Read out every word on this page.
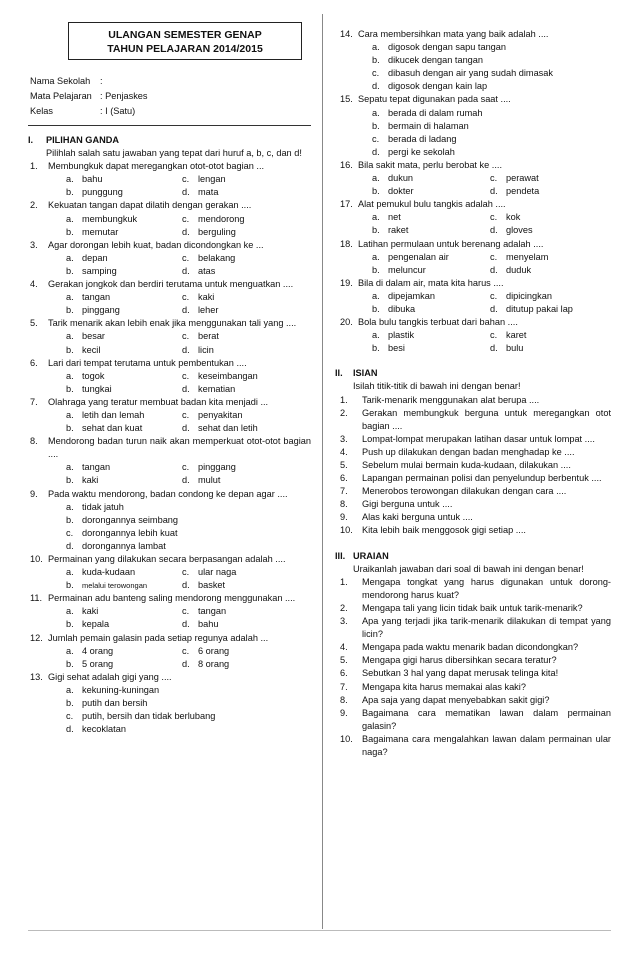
ULANGAN SEMESTER GENAP
TAHUN PELAJARAN 2014/2015
Nama Sekolah	:
Mata Pelajaran : Penjaskes
Kelas	: I (Satu)
I.	PILIHAN GANDA
Pilihlah salah satu jawaban yang tepat dari huruf a, b, c, dan d!
1.	Membungkuk dapat meregangkan otot-otot bagian ...
a. bahu	c. lengan
b. punggung	d. mata
2.	Kekuatan tangan dapat dilatih dengan gerakan ....
a. membungkuk	c. mendorong
b. memutar	d. berguling
3.	Agar dorongan lebih kuat, badan dicondongkan ke ...
a. depan	c. belakang
b. samping	d. atas
4.	Gerakan jongkok dan berdiri terutama untuk menguatkan ....
a. tangan	c. kaki
b. pinggang	d. leher
5.	Tarik menarik akan lebih enak jika menggunakan tali yang ....
a. besar	c. berat
b. kecil	d. licin
6.	Lari dari tempat terutama untuk pembentukan ....
a. togok	c. keseimbangan
b. tungkai	d. kematian
7.	Olahraga yang teratur membuat badan kita menjadi ...
a. letih dan lemah	c. penyakitan
b. sehat dan kuat	d. sehat dan letih
8.	Mendorong badan turun naik akan memperkuat otot-otot bagian ....
a. tangan	c. pinggang
b. kaki	d. mulut
9.	Pada waktu mendorong, badan condong ke depan agar ....
a. tidak jatuh
b. dorongannya seimbang
c. dorongannya lebih kuat
d. dorongannya lambat
10. Permainan yang dilakukan secara berpasangan adalah ....
a. kuda-kudaan	c. ular naga
b.	melalui terowongan	d. basket
11. Permainan adu banteng saling mendorong menggunakan ....
a. kaki	c. tangan
b. kepala	d. bahu
12. Jumlah pemain galasin pada setiap regunya adalah ...
a. 4 orang	c. 6 orang
b. 5 orang	d. 8 orang
13. Gigi sehat adalah gigi yang ....
a. kekuning-kuningan
b. putih dan bersih
c. putih, bersih dan tidak berlubang
d. kecoklatan
14. Cara membersihkan mata yang baik adalah ....
a. digosok dengan sapu tangan
b. dikucek dengan tangan
c. dibasuh dengan air yang sudah dimasak
d. digosok dengan kain lap
15. Sepatu tepat digunakan pada saat ....
a. berada di dalam rumah
b. bermain di halaman
c. berada di ladang
d. pergi ke sekolah
16. Bila sakit mata, perlu berobat ke ....
a. dukun	c. perawat
b. dokter	d. pendeta
17. Alat pemukul bulu tangkis adalah ....
a. net	c. kok
b. raket	d. gloves
18. Latihan permulaan untuk berenang adalah ....
a. pengenalan air	c. menyelam
b. meluncur	d. duduk
19. Bila di dalam air, mata kita harus ....
a. dipejamkan	c. dipicingkan
b. dibuka	d. ditutup pakai lap
20. Bola bulu tangkis terbuat dari bahan ....
a. plastik	c. karet
b. besi	d. bulu
II.	ISIAN
Isilah titik-titik di bawah ini dengan benar!
1.	Tarik-menarik menggunakan alat berupa ....
2.	Gerakan membungkuk berguna untuk meregangkan otot bagian ....
3.	Lompat-lompat merupakan latihan dasar untuk lompat ....
4.	Push up dilakukan dengan badan menghadap ke ....
5.	Sebelum mulai bermain kuda-kudaan, dilakukan ....
6.	Lapangan permainan polisi dan penyelundup berbentuk ....
7.	Menerobos terowongan dilakukan dengan cara ....
8.	Gigi berguna untuk ....
9.	Alas kaki berguna untuk ....
10.	Kita lebih baik menggosok gigi setiap ....
III. URAIAN
Uraikanlah jawaban dari soal di bawah ini dengan benar!
1.	Mengapa tongkat yang harus digunakan untuk dorong-mendorong harus kuat?
2.	Mengapa tali yang licin tidak baik untuk tarik-menarik?
3.	Apa yang terjadi jika tarik-menarik dilakukan di tempat yang licin?
4.	Mengapa pada waktu menarik badan dicondongkan?
5.	Mengapa gigi harus dibersihkan secara teratur?
6.	Sebutkan 3 hal yang dapat merusak telinga kita!
7.	Mengapa kita harus memakai alas kaki?
8.	Apa saja yang dapat menyebabkan sakit gigi?
9.	Bagaimana cara mematikan lawan dalam permainan galasin?
10.	Bagaimana cara mengalahkan lawan dalam permainan ular naga?
